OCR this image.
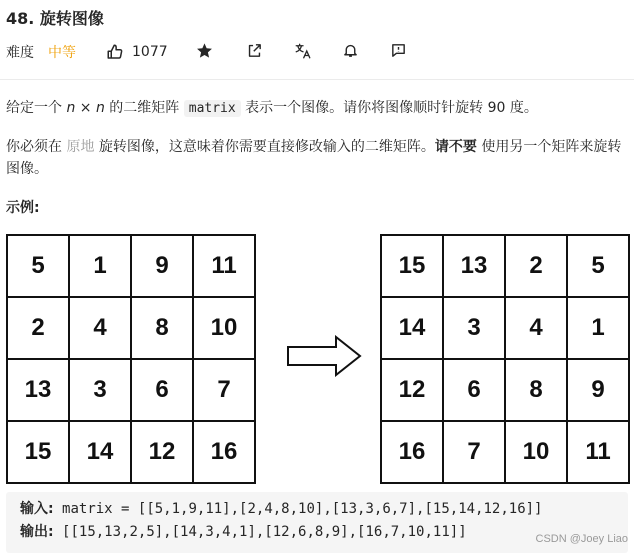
48. 旋转图像
难度 中等	1077
给定一个 n × n 的二维矩阵 matrix 表示一个图像。请你将图像顺时针旋转 90 度。
你必须在 原地 旋转图像，这意味着你需要直接修改输入的二维矩阵。请不要 使用另一个矩阵来旋转图像。
示例:
5	1	9	11
2	4	8	10
13	3	6	7
15	14	12	16
15	13	2	5
14	3	4	1
12	6	8	9
16	7	10	11
输入: matrix = [[5,1,9,11],[2,4,8,10],[13,3,6,7],[15,14,12,16]]
输出: [[15,13,2,5],[14,3,4,1],[12,6,8,9],[16,7,10,11]]	CSDN @Joey Liao
